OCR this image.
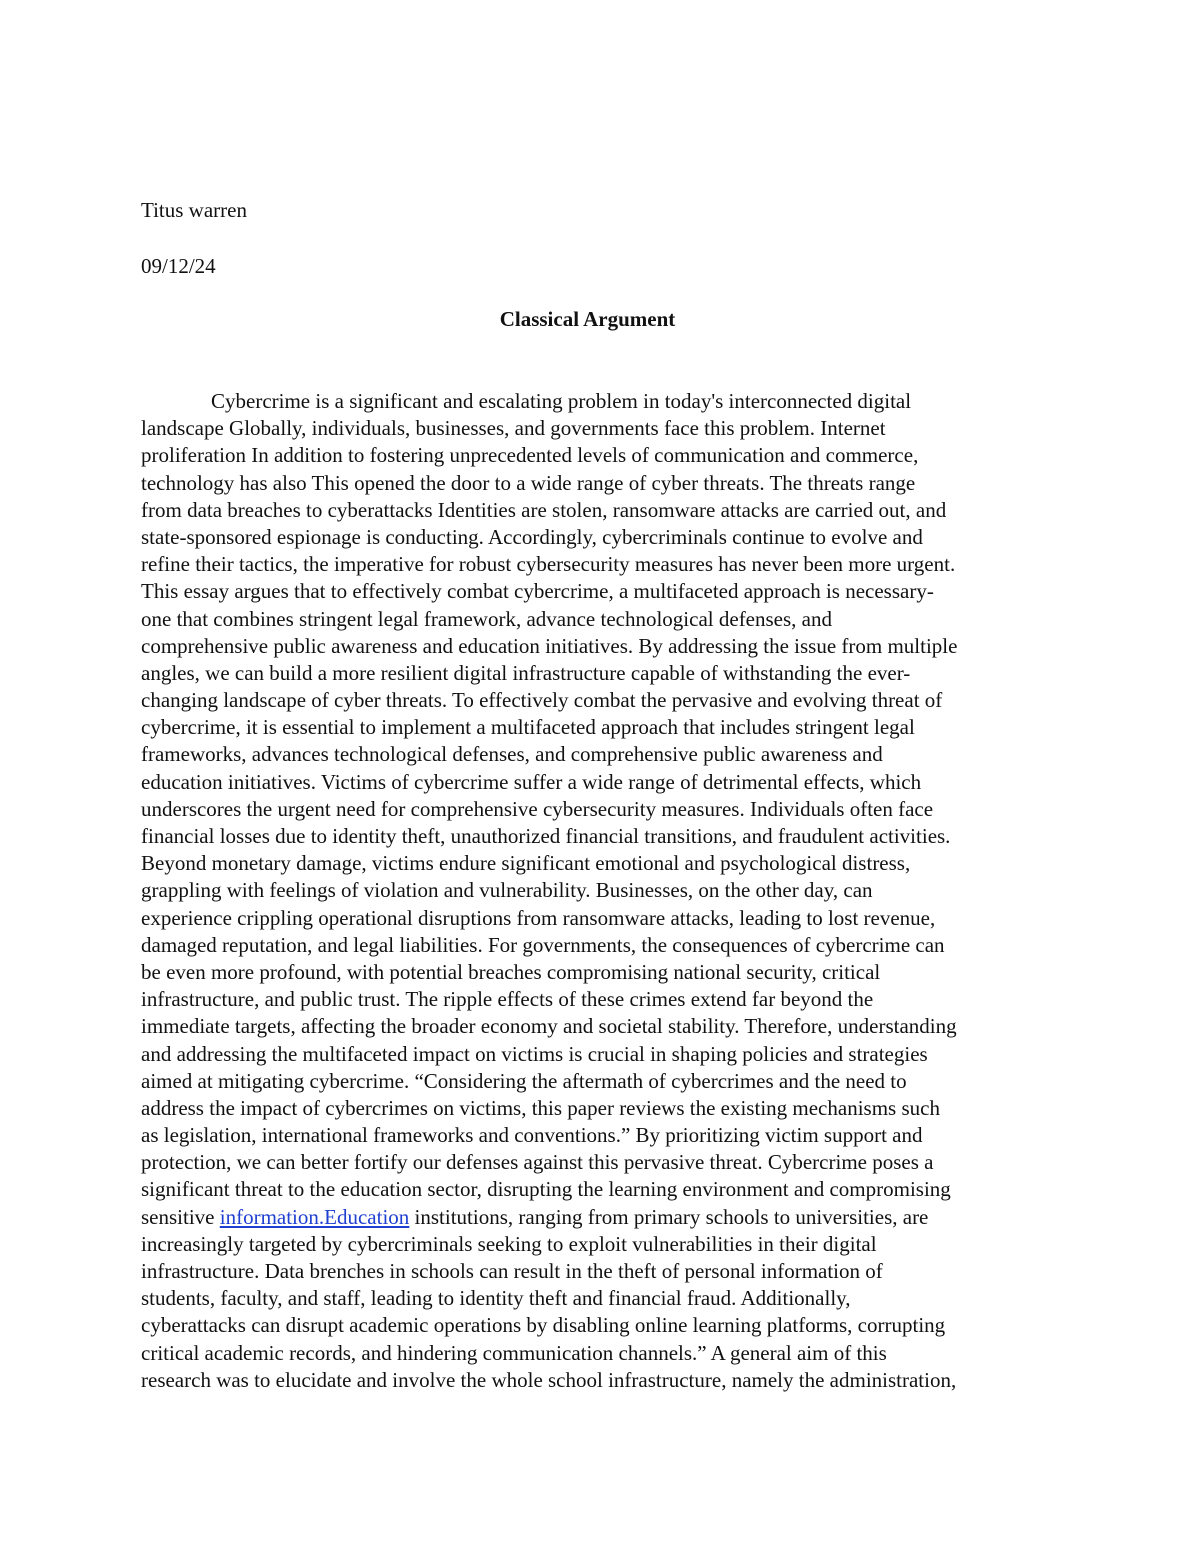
Titus warren
09/12/24
Classical Argument
Cybercrime is a significant and escalating problem in today's interconnected digital
landscape Globally, individuals, businesses, and governments face this problem. Internet
proliferation In addition to fostering unprecedented levels of communication and commerce,
technology has also This opened the door to a wide range of cyber threats. The threats range
from data breaches to cyberattacks Identities are stolen, ransomware attacks are carried out, and
state-sponsored espionage is conducting. Accordingly, cybercriminals continue to evolve and
refine their tactics, the imperative for robust cybersecurity measures has never been more urgent.
This essay argues that to effectively combat cybercrime, a multifaceted approach is necessary-
one that combines stringent legal framework, advance technological defenses, and
comprehensive public awareness and education initiatives. By addressing the issue from multiple
angles, we can build a more resilient digital infrastructure capable of withstanding the ever-
changing landscape of cyber threats. To effectively combat the pervasive and evolving threat of
cybercrime, it is essential to implement a multifaceted approach that includes stringent legal
frameworks, advances technological defenses, and comprehensive public awareness and
education initiatives. Victims of cybercrime suffer a wide range of detrimental effects, which
underscores the urgent need for comprehensive cybersecurity measures. Individuals often face
financial losses due to identity theft, unauthorized financial transitions, and fraudulent activities.
Beyond monetary damage, victims endure significant emotional and psychological distress,
grappling with feelings of violation and vulnerability. Businesses, on the other day, can
experience crippling operational disruptions from ransomware attacks, leading to lost revenue,
damaged reputation, and legal liabilities. For governments, the consequences of cybercrime can
be even more profound, with potential breaches compromising national security, critical
infrastructure, and public trust. The ripple effects of these crimes extend far beyond the
immediate targets, affecting the broader economy and societal stability. Therefore, understanding
and addressing the multifaceted impact on victims is crucial in shaping policies and strategies
aimed at mitigating cybercrime. “Considering the aftermath of cybercrimes and the need to
address the impact of cybercrimes on victims, this paper reviews the existing mechanisms such
as legislation, international frameworks and conventions.” By prioritizing victim support and
protection, we can better fortify our defenses against this pervasive threat. Cybercrime poses a
significant threat to the education sector, disrupting the learning environment and compromising
sensitive information.Education institutions, ranging from primary schools to universities, are
increasingly targeted by cybercriminals seeking to exploit vulnerabilities in their digital
infrastructure. Data brenches in schools can result in the theft of personal information of
students, faculty, and staff, leading to identity theft and financial fraud. Additionally,
cyberattacks can disrupt academic operations by disabling online learning platforms, corrupting
critical academic records, and hindering communication channels.” A general aim of this
research was to elucidate and involve the whole school infrastructure, namely the administration,
